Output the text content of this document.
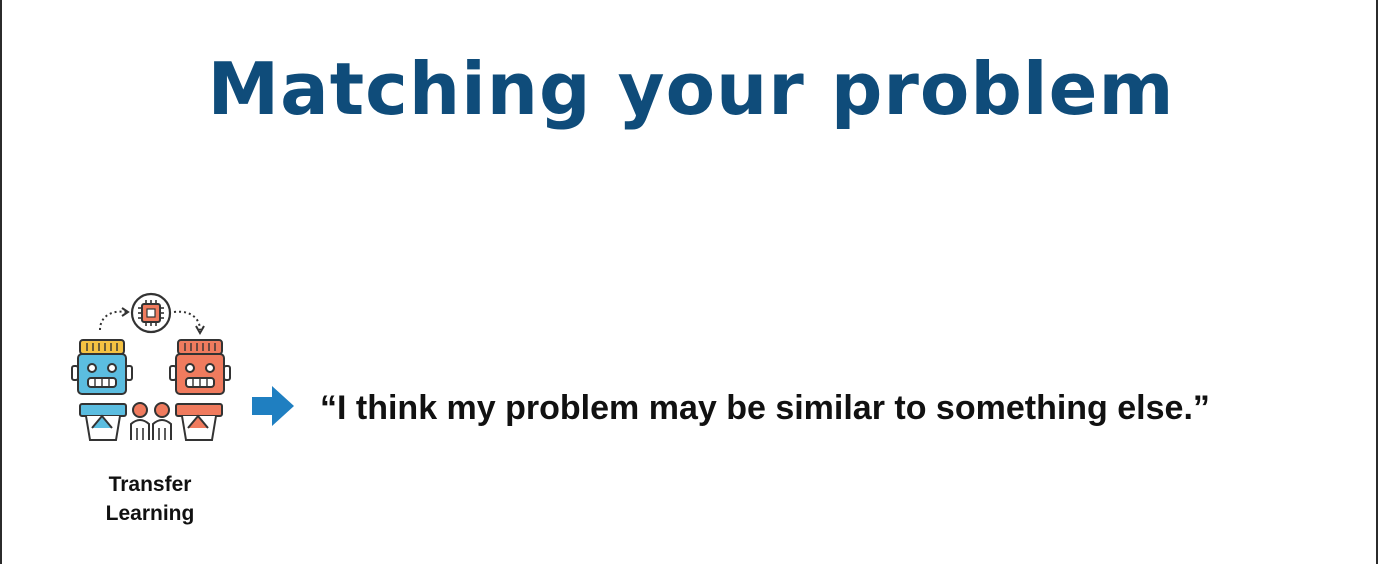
Matching your problem
Transfer
Learning
“I think my problem may be similar to something else.”
